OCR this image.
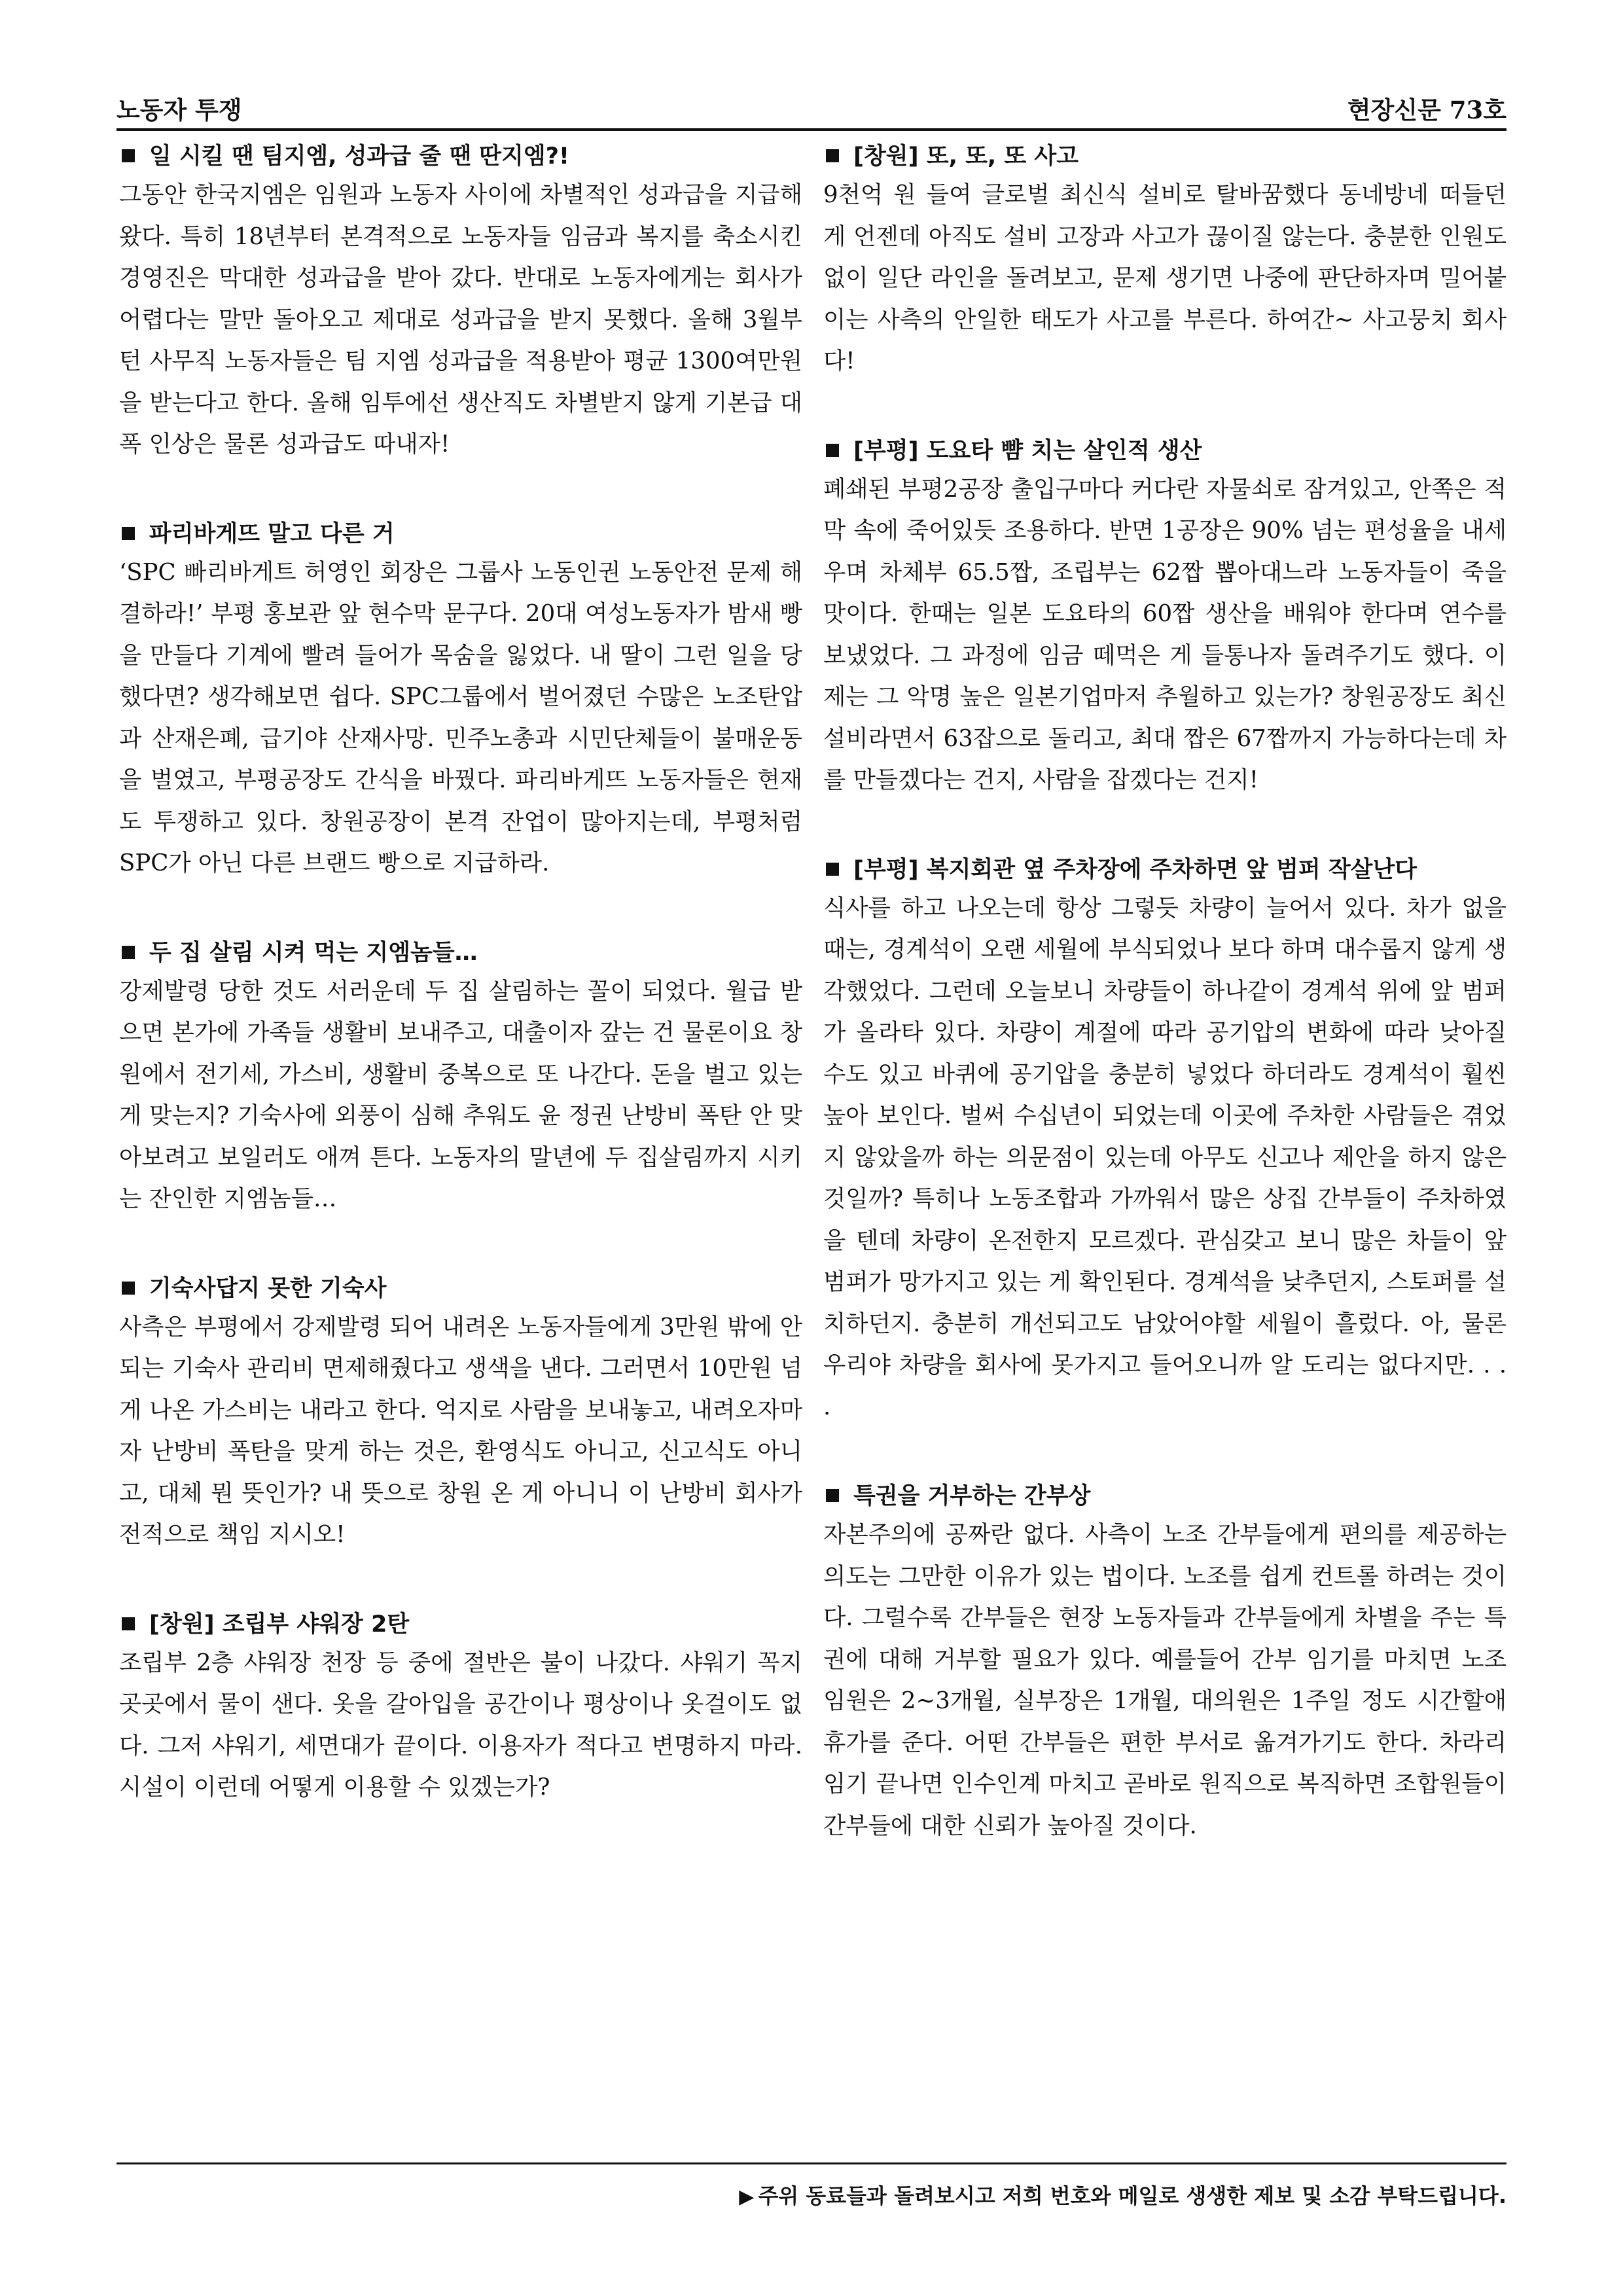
노동자 투쟁	현장신문 73호
일 시킬 땐 팀지엠, 성과급 줄 땐 딴지엠?!

그동안 한국지엠은 임원과 노동자 사이에 차별적인 성과급을 지급해왔다. 특히 18년부터 본격적으로 노동자들 임금과 복지를 축소시킨 경영진은 막대한 성과급을 받아 갔다. 반대로 노동자에게는 회사가 어렵다는 말만 돌아오고 제대로 성과급을 받지 못했다. 올해 3월부턴 사무직 노동자들은 팀 지엠 성과급을 적용받아 평균 1300여만원을 받는다고 한다. 올해 임투에선 생산직도 차별받지 않게 기본급 대폭 인상은 물론 성과급도 따내자!

파리바게뜨 말고 다른 거

‘SPC 빠리바게트 허영인 회장은 그룹사 노동인권 노동안전 문제 해결하라!’ 부평 홍보관 앞 현수막 문구다. 20대 여성노동자가 밤새 빵을 만들다 기계에 빨려 들어가 목숨을 잃었다. 내 딸이 그런 일을 당했다면? 생각해보면 쉽다. SPC그룹에서 벌어졌던 수많은 노조탄압과 산재은폐, 급기야 산재사망. 민주노총과 시민단체들이 불매운동을 벌였고, 부평공장도 간식을 바꿨다. 파리바게뜨 노동자들은 현재도 투쟁하고 있다. 창원공장이 본격 잔업이 많아지는데, 부평처럼 SPC가 아닌 다른 브랜드 빵으로 지급하라.

두 집 살림 시켜 먹는 지엠놈들…

강제발령 당한 것도 서러운데 두 집 살림하는 꼴이 되었다. 월급 받으면 본가에 가족들 생활비 보내주고, 대출이자 갚는 건 물론이요 창원에서 전기세, 가스비, 생활비 중복으로 또 나간다. 돈을 벌고 있는게 맞는지? 기숙사에 외풍이 심해 추워도 윤 정권 난방비 폭탄 안 맞아보려고 보일러도 애껴 튼다. 노동자의 말년에 두 집살림까지 시키는 잔인한 지엠놈들…

기숙사답지 못한 기숙사

사측은 부평에서 강제발령 되어 내려온 노동자들에게 3만원 밖에 안되는 기숙사 관리비 면제해줬다고 생색을 낸다. 그러면서 10만원 넘게 나온 가스비는 내라고 한다. 억지로 사람을 보내놓고, 내려오자마자 난방비 폭탄을 맞게 하는 것은, 환영식도 아니고, 신고식도 아니고, 대체 뭔 뜻인가? 내 뜻으로 창원 온 게 아니니 이 난방비 회사가 전적으로 책임 지시오!

[창원] 조립부 샤워장 2탄

조립부 2층 샤워장 천장 등 중에 절반은 불이 나갔다. 샤워기 꼭지 곳곳에서 물이 샌다. 옷을 갈아입을 공간이나 평상이나 옷걸이도 없다. 그저 샤워기, 세면대가 끝이다. 이용자가 적다고 변명하지 마라. 시설이 이런데 어떻게 이용할 수 있겠는가?

[창원] 또, 또, 또 사고

9천억 원 들여 글로벌 최신식 설비로 탈바꿈했다 동네방네 떠들던 게 언젠데 아직도 설비 고장과 사고가 끊이질 않는다. 충분한 인원도 없이 일단 라인을 돌려보고, 문제 생기면 나중에 판단하자며 밀어붙이는 사측의 안일한 태도가 사고를 부른다. 하여간~ 사고뭉치 회사다!

[부평] 도요타 뺨 치는 살인적 생산

폐쇄된 부평2공장 출입구마다 커다란 자물쇠로 잠겨있고, 안쪽은 적막 속에 죽어있듯 조용하다. 반면 1공장은 90% 넘는 편성율을 내세우며 차체부 65.5짭, 조립부는 62짭 뽑아대느라 노동자들이 죽을 맛이다. 한때는 일본 도요타의 60짭 생산을 배워야 한다며 연수를 보냈었다. 그 과정에 임금 떼먹은 게 들통나자 돌려주기도 했다. 이제는 그 악명 높은 일본기업마저 추월하고 있는가? 창원공장도 최신설비라면서 63잡으로 돌리고, 최대 짭은 67짭까지 가능하다는데 차를 만들겠다는 건지, 사람을 잡겠다는 건지!

[부평] 복지회관 옆 주차장에 주차하면 앞 범퍼 작살난다

식사를 하고 나오는데 항상 그렇듯 차량이 늘어서 있다. 차가 없을 때는, 경계석이 오랜 세월에 부식되었나 보다 하며 대수롭지 않게 생각했었다. 그런데 오늘보니 차량들이 하나같이 경계석 위에 앞 범퍼가 올라타 있다. 차량이 계절에 따라 공기압의 변화에 따라 낮아질 수도 있고 바퀴에 공기압을 충분히 넣었다 하더라도 경계석이 훨씬 높아 보인다. 벌써 수십년이 되었는데 이곳에 주차한 사람들은 겪었지 않았을까 하는 의문점이 있는데 아무도 신고나 제안을 하지 않은 것일까? 특히나 노동조합과 가까워서 많은 상집 간부들이 주차하였을 텐데 차량이 온전한지 모르겠다. 관심갖고 보니 많은 차들이 앞 범퍼가 망가지고 있는 게 확인된다. 경계석을 낮추던지, 스토퍼를 설치하던지. 충분히 개선되고도 남았어야할 세월이 흘렀다. 아, 물론 우리야 차량을 회사에 못가지고 들어오니까 알 도리는 없다지만. . . .

특권을 거부하는 간부상

자본주의에 공짜란 없다. 사측이 노조 간부들에게 편의를 제공하는 의도는 그만한 이유가 있는 법이다. 노조를 쉽게 컨트롤 하려는 것이다. 그럴수록 간부들은 현장 노동자들과 간부들에게 차별을 주는 특권에 대해 거부할 필요가 있다. 예를들어 간부 임기를 마치면 노조 임원은 2~3개월, 실부장은 1개월, 대의원은 1주일 정도 시간할애 휴가를 준다. 어떤 간부들은 편한 부서로 옮겨가기도 한다. 차라리 임기 끝나면 인수인계 마치고 곧바로 원직으로 복직하면 조합원들이 간부들에 대한 신뢰가 높아질 것이다.

▶ 주위 동료들과 돌려보시고 저희 번호와 메일로 생생한 제보 및 소감 부탁드립니다.
